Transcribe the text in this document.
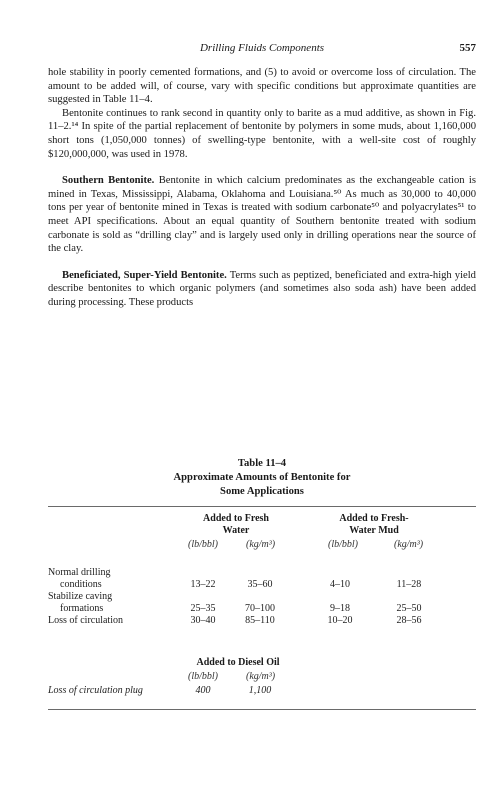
Drilling Fluids Components	557

hole stability in poorly cemented formations, and (5) to avoid or overcome loss of circulation. The amount to be added will, of course, vary with specific conditions but approximate quantities are suggested in Table 11–4.

Bentonite continues to rank second in quantity only to barite as a mud additive, as shown in Fig. 11–2.¹⁴ In spite of the partial replacement of bentonite by polymers in some muds, about 1,160,000 short tons (1,050,000 tonnes) of swelling-type bentonite, with a well-site cost of roughly $120,000,000, was used in 1978.

Southern Bentonite. Bentonite in which calcium predominates as the exchangeable cation is mined in Texas, Mississippi, Alabama, Oklahoma and Louisiana.⁵⁰ As much as 30,000 to 40,000 tons per year of bentonite mined in Texas is treated with sodium carbonate⁵⁰ and polyacrylates⁵¹ to meet API specifications. About an equal quantity of Southern bentonite treated with sodium carbonate is sold as “drilling clay” and is largely used only in drilling operations near the source of the clay.

Beneficiated, Super-Yield Bentonite. Terms such as peptized, beneficiated and extra-high yield describe bentonites to which organic polymers (and sometimes also soda ash) have been added during processing. These products

Table 11–4
Approximate Amounts of Bentonite for
Some Applications
Added to Fresh
Water
Added to Fresh-
Water Mud
(lb/bbl)	(kg/m³)	(lb/bbl)	(kg/m³)
Normal drilling
conditions	13–22	35–60	4–10	11–28
Stabilize caving
formations	25–35	70–100	9–18	25–50
Loss of circulation	30–40	85–110	10–20	28–56
Added to Diesel Oil
(lb/bbl)	(kg/m³)
Loss of circulation plug	400	1,100
